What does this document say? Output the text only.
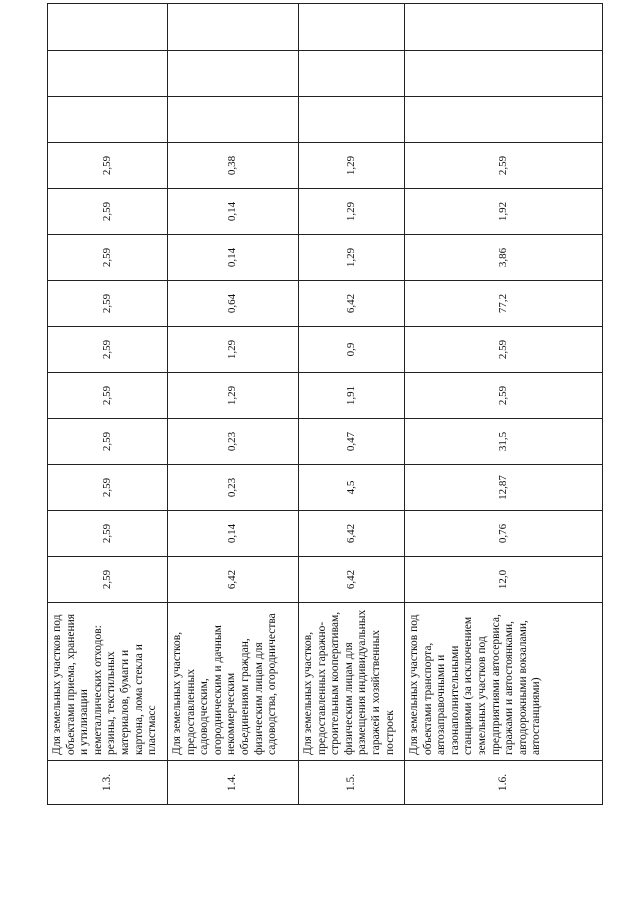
1.3.	Для земельных участков под объектами приема, хранения и утилизации неметаллических отходов: резины, текстильных материалов, бумаги и картона, лома стекла и пластмасс	2,59	2,59	2,59	2,59	2,59	2,59	2,59	2,59	2,59	2,59			
1.4.	Для земельных участков, предоставленных садоводческим, огородническим и дачным некоммерческим объединениям граждан, физическим лицам для садоводства, огородничества	6,42	0,14	0,23	0,23	1,29	1,29	0,64	0,14	0,14	0,38			
1.5.	Для земельных участков, предоставленных гаражно-строительным кооперативам, физическим лицам для размещения индивидуальных гаражей и хозяйственных построек	6,42	6,42	4,5	0,47	1,91	0,9	6,42	1,29	1,29	1,29			
1.6.	Для земельных участков под объектами транспорта, автозаправочными и газонаполнительными станциями (за исключением земельных участков под предприятиями автосервиса, гаражами и автостоянками, автодорожными вокзалами, автостанциями)	12,0	0,76	12,87	31,5	2,59	2,59	77,2	3,86	1,92	2,59			
